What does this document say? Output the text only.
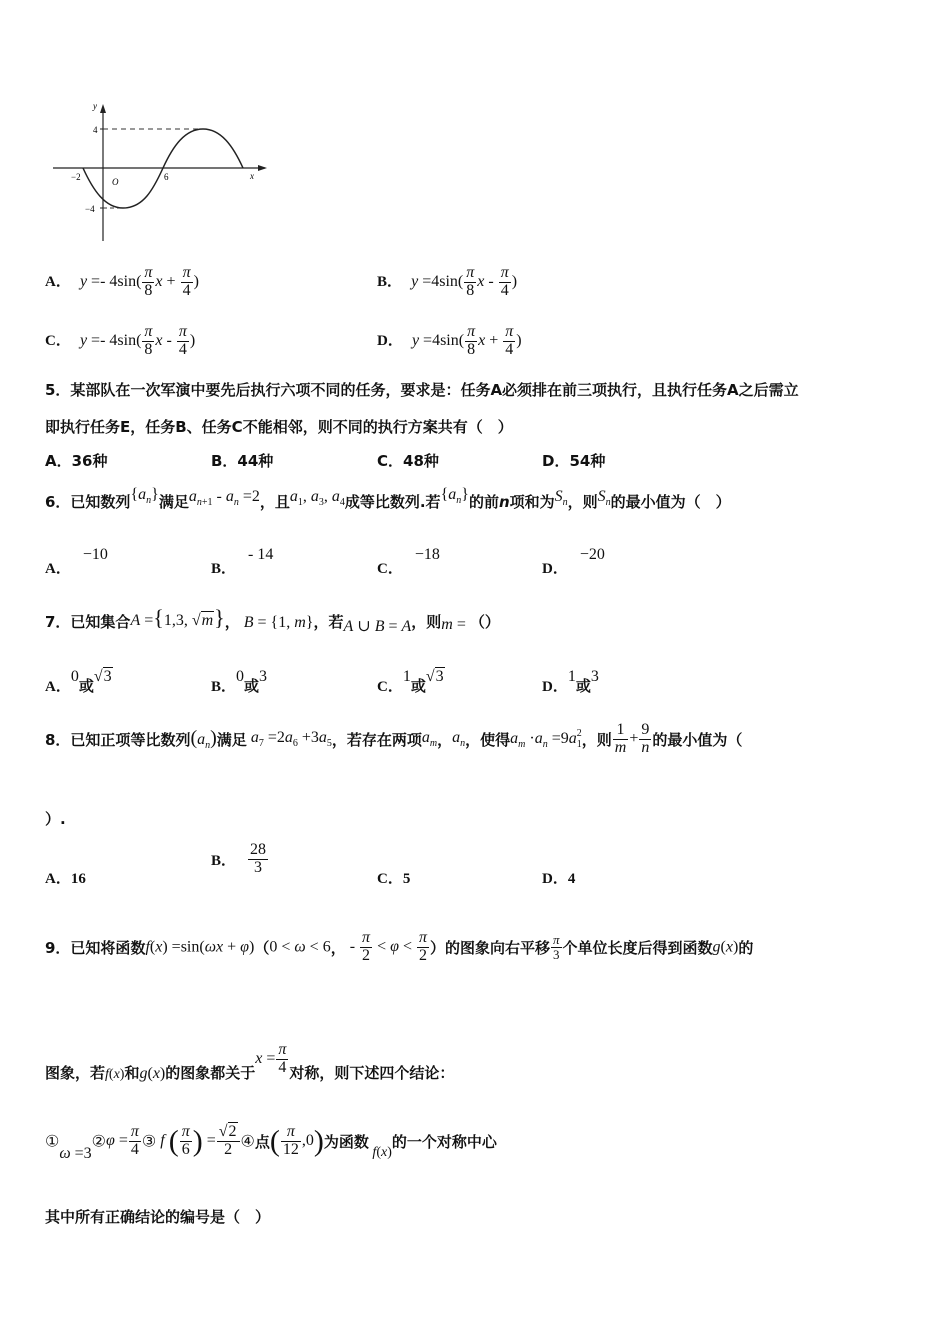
y
x
O
4
−4
−2	6
A． $y =- 4\sin( \frac{\pi}{8}$ $x + \frac{\pi}{4}$ )	B． $y =4\sin( \frac{\pi}{8}$ x - $\frac{\pi}{4}$ )
C． $y =- 4\sin( \frac{\pi}{8}$ x - $\frac{\pi}{4}$ )	D． $y =4\sin( \frac{\pi}{8}$ $x + \frac{\pi}{4}$ )
5．某部队在一次军演中要先后执行六项不同的任务，要求是：任务A必须排在前三项执行，且执行任务A之后需立
即执行任务E，任务B、任务C不能相邻，则不同的执行方案共有（　）
A．36种	B．44种	C．48种	D．54种
6．已知数列$\{a_n\}$满足$a_{n+1} - a_n =2$，且$a_1$, $a_3$, $a_4$成等比数列.若$\{a_n\}$的前n项和为$S_n$，则$S_n$的最小值为（　）
A．−10
B．- 14
C．−18
D．−20
7．已知集合A ={1,3, √m}， B = {1, m}，若A ∪ B = A，则m = （）
A．0或√3
B．0或3
C．1或√3
D．1或3
8．已知正项等比数列$(a_n)$满足 $a_7 =2a_6 +3a_5$，若存在两项$a_m$，$a_n$，使得$a_m \cdot a_n =9a^2_1$，则 $\frac{1}{m} + \frac{9}{n}$ 的最小值为（
）.
A．16
B． $\frac{28}{3}$
C．5	D．4
9．已知将函数f(x) =sin(ωx + φ)（0 < ω < 6， - $\frac{\pi}{2} < \varphi < \frac{\pi}{2}$ ）的图象向右平移 $\frac{\pi}{3}$ 个单位长度后得到函数g(x)的
图象，若f(x)和g(x)的图象都关于$x = \frac{\pi}{4}$ 对称，则下述四个结论：
①ω =3②φ = $\frac{\pi}{4}$ ③ f ( $\frac{\pi}{6}$ ) = $\frac{√2}{2}$ ④点( $\frac{\pi}{12} ,0$)为函数 f(x)的一个对称中心
其中所有正确结论的编号是（　）
